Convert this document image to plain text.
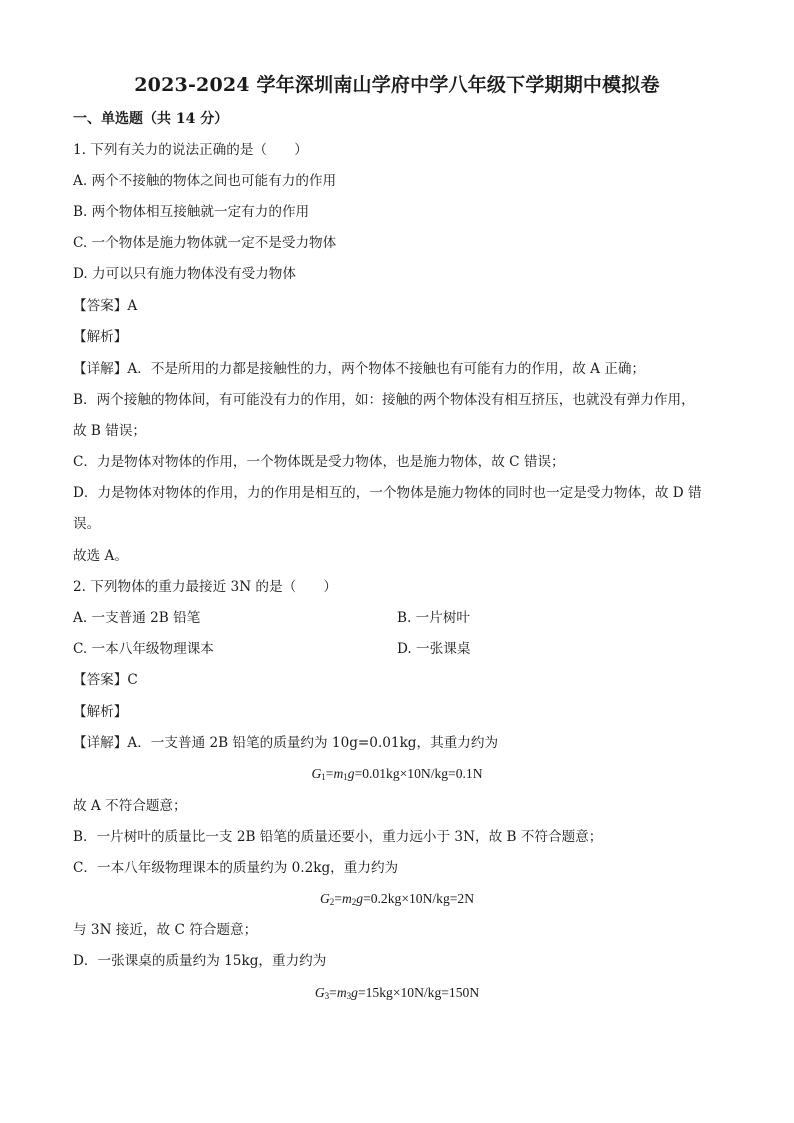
2023-2024 学年深圳南山学府中学八年级下学期期中模拟卷
一、单选题（共 14 分）
1. 下列有关力的说法正确的是（　　）
A. 两个不接触的物体之间也可能有力的作用
B. 两个物体相互接触就一定有力的作用
C. 一个物体是施力物体就一定不是受力物体
D. 力可以只有施力物体没有受力物体
【答案】A
【解析】
【详解】A．不是所用的力都是接触性的力，两个物体不接触也有可能有力的作用，故 A 正确；
B．两个接触的物体间，有可能没有力的作用，如：接触的两个物体没有相互挤压，也就没有弹力作用，
故 B 错误；
C．力是物体对物体的作用，一个物体既是受力物体，也是施力物体，故 C 错误；
D．力是物体对物体的作用，力的作用是相互的，一个物体是施力物体的同时也一定是受力物体，故 D 错
误。
故选 A。
2. 下列物体的重力最接近 3N 的是（　　）
A. 一支普通 2B 铅笔	B. 一片树叶
C. 一本八年级物理课本	D. 一张课桌
【答案】C
【解析】
【详解】A．一支普通 2B 铅笔的质量约为 10g=0.01kg，其重力约为
$G_1=m_1g=0.01kg\times 10N/kg=0.1N$
故 A 不符合题意；
B．一片树叶的质量比一支 2B 铅笔的质量还要小，重力远小于 3N，故 B 不符合题意；
C．一本八年级物理课本的质量约为 0.2kg，重力约为
$G_2=m_2g=0.2kg\times 10N/kg=2N$
与 3N 接近，故 C 符合题意；
D．一张课桌的质量约为 15kg，重力约为
$G_3=m_3g=15kg\times 10N/kg=150N$
